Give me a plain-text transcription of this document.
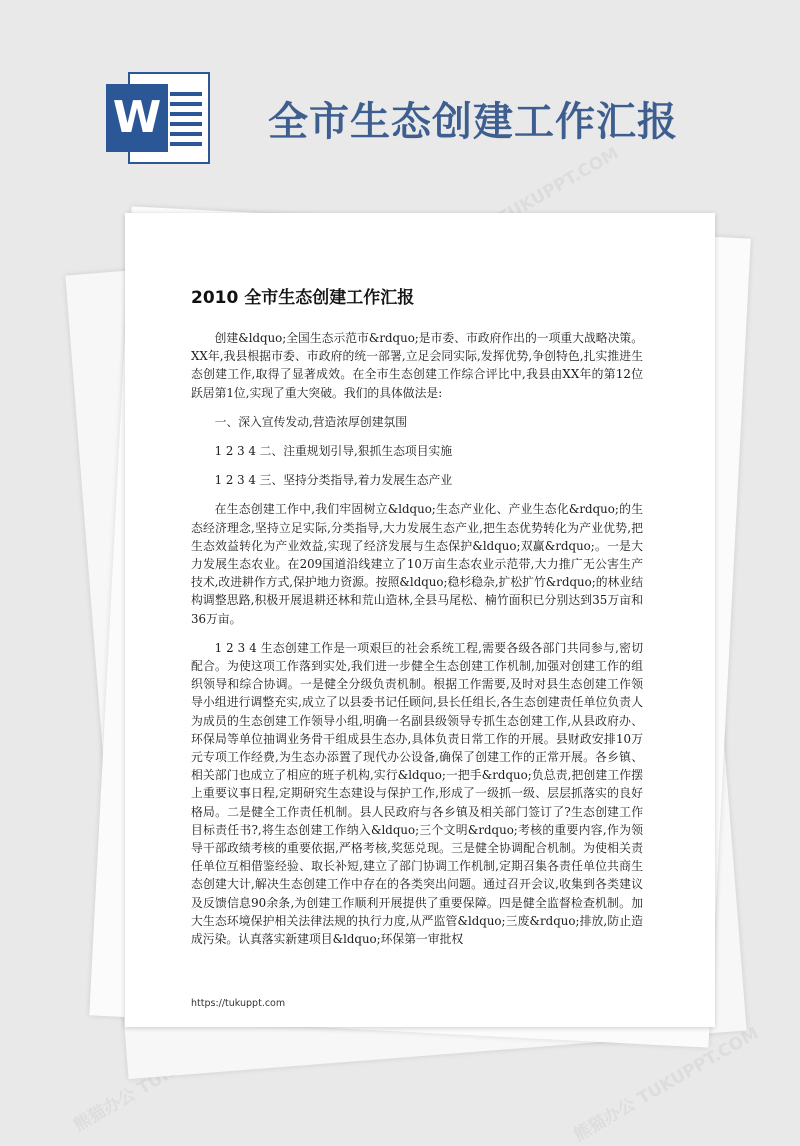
W	全市生态创建工作汇报
熊猫办公 TUKUPPT.COM
熊猫办公 TUKUPPT.COM
2010 全市生态创建工作汇报

创建&ldquo;全国生态示范市&rdquo;是市委、市政府作出的一项重大战略决策。XX年,我县根据市委、市政府的统一部署,立足会同实际,发挥优势,争创特色,扎实推进生态创建工作,取得了显著成效。在全市生态创建工作综合评比中,我县由XX年的第12位跃居第1位,实现了重大突破。我们的具体做法是:

一、深入宣传发动,营造浓厚创建氛围

1 2 3 4 二、注重规划引导,狠抓生态项目实施

1 2 3 4 三、坚持分类指导,着力发展生态产业

在生态创建工作中,我们牢固树立&ldquo;生态产业化、产业生态化&rdquo;的生态经济理念,坚持立足实际,分类指导,大力发展生态产业,把生态优势转化为产业优势,把生态效益转化为产业效益,实现了经济发展与生态保护&ldquo;双赢&rdquo;。一是大力发展生态农业。在209国道沿线建立了10万亩生态农业示范带,大力推广无公害生产技术,改进耕作方式,保护地力资源。按照&ldquo;稳杉稳杂,扩松扩竹&rdquo;的林业结构调整思路,积极开展退耕还林和荒山造林,全县马尾松、楠竹面积已分别达到35万亩和36万亩。

1 2 3 4 生态创建工作是一项艰巨的社会系统工程,需要各级各部门共同参与,密切配合。为使这项工作落到实处,我们进一步健全生态创建工作机制,加强对创建工作的组织领导和综合协调。一是健全分级负责机制。根据工作需要,及时对县生态创建工作领导小组进行调整充实,成立了以县委书记任顾问,县长任组长,各生态创建责任单位负责人为成员的生态创建工作领导小组,明确一名副县级领导专抓生态创建工作,从县政府办、环保局等单位抽调业务骨干组成县生态办,具体负责日常工作的开展。县财政安排10万元专项工作经费,为生态办添置了现代办公设备,确保了创建工作的正常开展。各乡镇、相关部门也成立了相应的班子机构,实行&ldquo;一把手&rdquo;负总责,把创建工作摆上重要议事日程,定期研究生态建设与保护工作,形成了一级抓一级、层层抓落实的良好格局。二是健全工作责任机制。县人民政府与各乡镇及相关部门签订了?生态创建工作目标责任书?,将生态创建工作纳入&ldquo;三个文明&rdquo;考核的重要内容,作为领导干部政绩考核的重要依据,严格考核,奖惩兑现。三是健全协调配合机制。为使相关责任单位互相借鉴经验、取长补短,建立了部门协调工作机制,定期召集各责任单位共商生态创建大计,解决生态创建工作中存在的各类突出问题。通过召开会议,收集到各类建议及反馈信息90余条,为创建工作顺利开展提供了重要保障。四是健全监督检查机制。加大生态环境保护相关法律法规的执行力度,从严监管&ldquo;三废&rdquo;排放,防止造成污染。认真落实新建项目&ldquo;环保第一审批权

https://tukuppt.com
